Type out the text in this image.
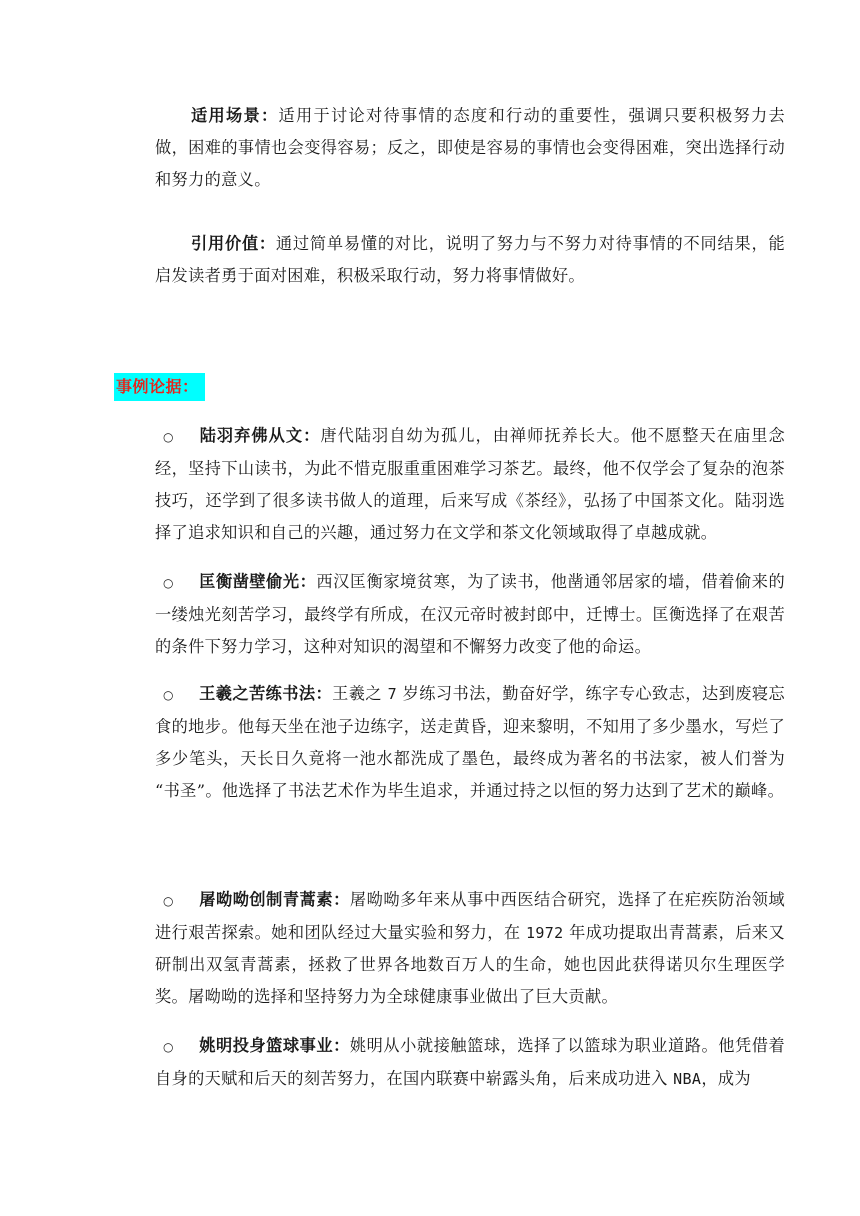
适用场景：适用于讨论对待事情的态度和行动的重要性，强调只要积极努力去做，困难的事情也会变得容易；反之，即使是容易的事情也会变得困难，突出选择行动和努力的意义。

引用价值：通过简单易懂的对比，说明了努力与不努力对待事情的不同结果，能启发读者勇于面对困难，积极采取行动，努力将事情做好。

事例论据：

○ 陆羽弃佛从文：唐代陆羽自幼为孤儿，由禅师抚养长大。他不愿整天在庙里念经，坚持下山读书，为此不惜克服重重困难学习茶艺。最终，他不仅学会了复杂的泡茶技巧，还学到了很多读书做人的道理，后来写成《茶经》，弘扬了中国茶文化。陆羽选择了追求知识和自己的兴趣，通过努力在文学和茶文化领域取得了卓越成就。

○ 匡衡凿壁偷光：西汉匡衡家境贫寒，为了读书，他凿通邻居家的墙，借着偷来的一缕烛光刻苦学习，最终学有所成，在汉元帝时被封郎中，迁博士。匡衡选择了在艰苦的条件下努力学习，这种对知识的渴望和不懈努力改变了他的命运。

○ 王羲之苦练书法：王羲之 7 岁练习书法，勤奋好学，练字专心致志，达到废寝忘食的地步。他每天坐在池子边练字，送走黄昏，迎来黎明，不知用了多少墨水，写烂了多少笔头，天长日久竟将一池水都洗成了墨色，最终成为著名的书法家，被人们誉为 “书圣”。他选择了书法艺术作为毕生追求，并通过持之以恒的努力达到了艺术的巅峰。

○ 屠呦呦创制青蒿素：屠呦呦多年来从事中西医结合研究，选择了在疟疾防治领域进行艰苦探索。她和团队经过大量实验和努力，在 1972 年成功提取出青蒿素，后来又研制出双氢青蒿素，拯救了世界各地数百万人的生命，她也因此获得诺贝尔生理医学奖。屠呦呦的选择和坚持努力为全球健康事业做出了巨大贡献。

○ 姚明投身篮球事业：姚明从小就接触篮球，选择了以篮球为职业道路。他凭借着自身的天赋和后天的刻苦努力，在国内联赛中崭露头角，后来成功进入 NBA，成为
